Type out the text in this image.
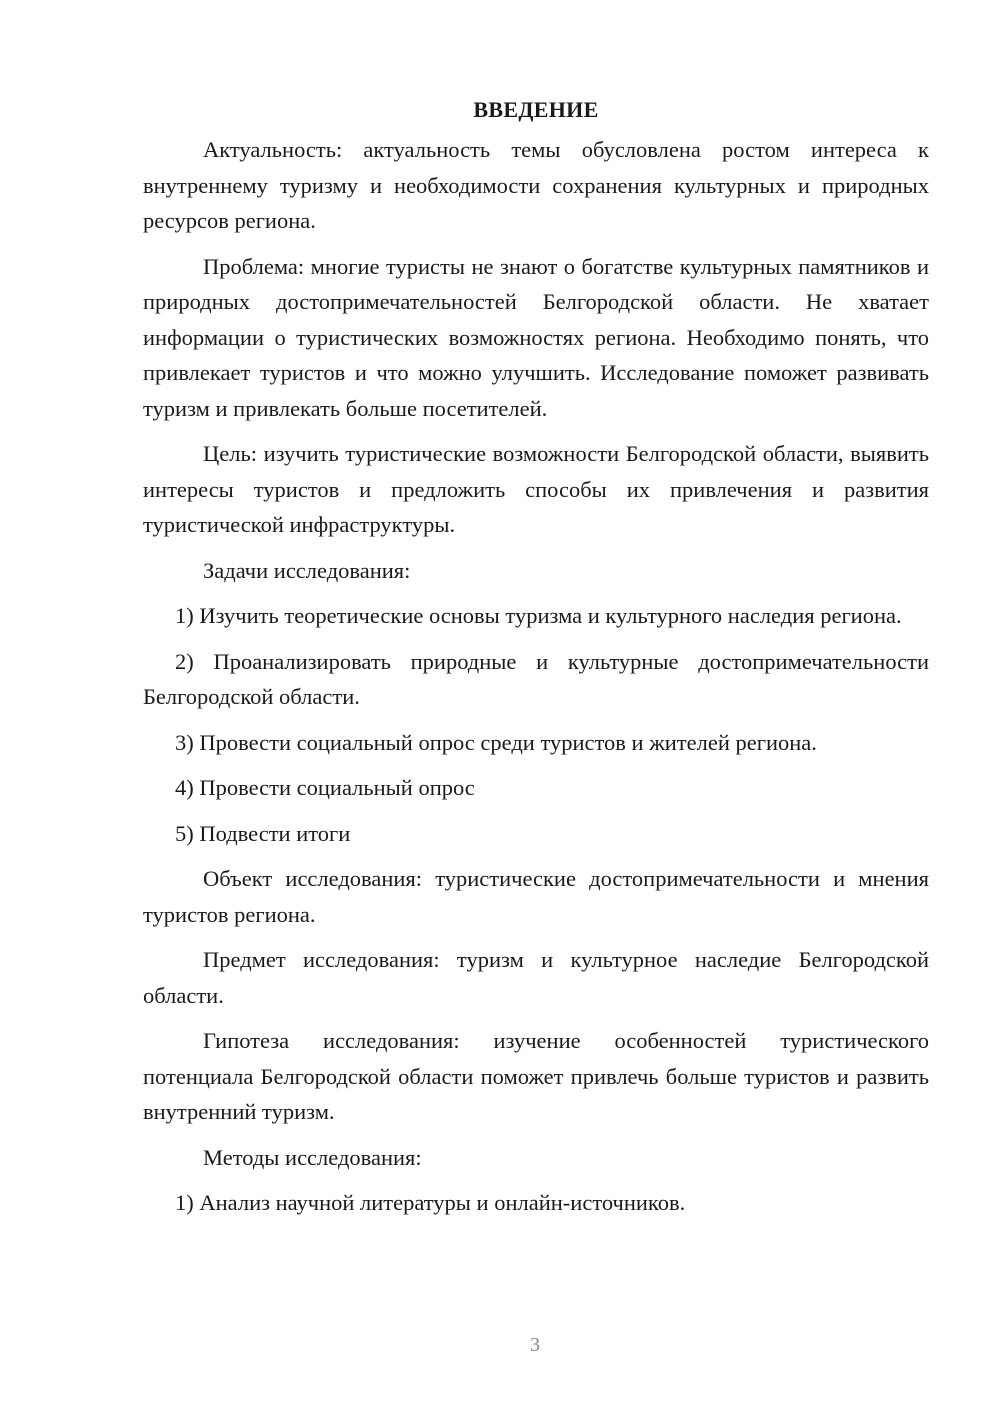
ВВЕДЕНИЕ

Актуальность: актуальность темы обусловлена ростом интереса к внутреннему туризму и необходимости сохранения культурных и природных ресурсов региона.

Проблема: многие туристы не знают о богатстве культурных памятников и природных достопримечательностей Белгородской области. Не хватает информации о туристических возможностях региона. Необходимо понять, что привлекает туристов и что можно улучшить. Исследование поможет развивать туризм и привлекать больше посетителей.

Цель: изучить туристические возможности Белгородской области, выявить интересы туристов и предложить способы их привлечения и развития туристической инфраструктуры.

Задачи исследования:

1) Изучить теоретические основы туризма и культурного наследия региона.

2) Проанализировать природные и культурные достопримечательности Белгородской области.

3) Провести социальный опрос среди туристов и жителей региона.

4) Провести социальный опрос

5) Подвести итоги

Объект исследования: туристические достопримечательности и мнения туристов региона.

Предмет исследования: туризм и культурное наследие Белгородской области.

Гипотеза исследования: изучение особенностей туристического потенциала Белгородской области поможет привлечь больше туристов и развить внутренний туризм.

Методы исследования:

1) Анализ научной литературы и онлайн-источников.

3
